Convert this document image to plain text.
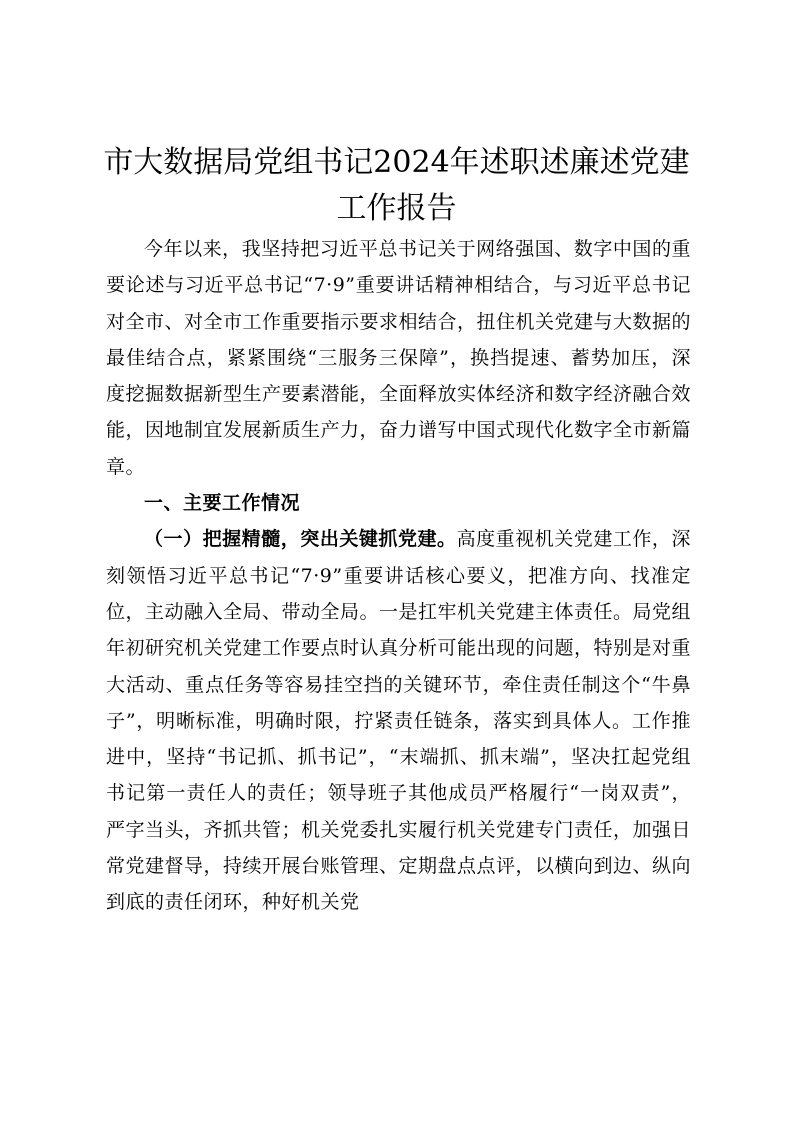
市大数据局党组书记2024年述职述廉述党建
工作报告

今年以来，我坚持把习近平总书记关于网络强国、数字中国的重要论述与习近平总书记“7·9”重要讲话精神相结合，与习近平总书记对全市、对全市工作重要指示要求相结合，扭住机关党建与大数据的最佳结合点，紧紧围绕“三服务三保障”，换挡提速、蓄势加压，深度挖掘数据新型生产要素潜能，全面释放实体经济和数字经济融合效能，因地制宜发展新质生产力，奋力谱写中国式现代化数字全市新篇章。

一、主要工作情况

（一）把握精髓，突出关键抓党建。高度重视机关党建工作，深刻领悟习近平总书记“7·9”重要讲话核心要义，把准方向、找准定位，主动融入全局、带动全局。一是扛牢机关党建主体责任。局党组年初研究机关党建工作要点时认真分析可能出现的问题，特别是对重大活动、重点任务等容易挂空挡的关键环节，牵住责任制这个“牛鼻子”，明晰标准，明确时限，拧紧责任链条，落实到具体人。工作推进中，坚持“书记抓、抓书记”，“末端抓、抓末端”，坚决扛起党组书记第一责任人的责任；领导班子其他成员严格履行“一岗双责”，严字当头，齐抓共管；机关党委扎实履行机关党建专门责任，加强日常党建督导，持续开展台账管理、定期盘点点评，以横向到边、纵向到底的责任闭环，种好机关党
